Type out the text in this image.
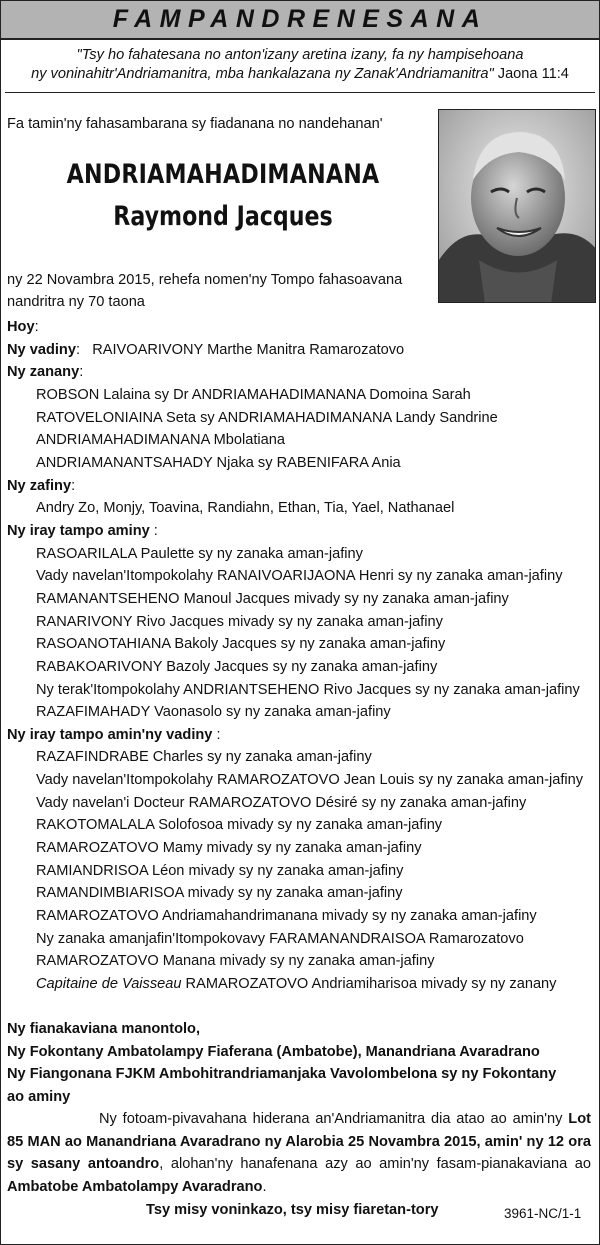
FAMPANDRENESANA
"Tsy ho fahatesana no anton'izany aretina izany, fa ny hampisehoana
ny voninahitr'Andriamanitra, mba hankalazana ny Zanak'Andriamanitra" Jaona 11:4
Fa tamin'ny fahasambarana sy fiadanana no nandehanan'
ANDRIAMAHADIMANANA
Raymond Jacques
ny 22 Novambra 2015, rehefa nomen'ny Tompo fahasoavana
nandritra ny 70 taona
Hoy:
Ny vadiny: RAIVOARIVONY Marthe Manitra Ramarozatovo
Ny zanany:
ROBSON Lalaina sy Dr ANDRIAMAHADIMANANA Domoina Sarah
RATOVELONIAINA Seta sy ANDRIAMAHADIMANANA Landy Sandrine
ANDRIAMAHADIMANANA Mbolatiana
ANDRIAMANANTSAHADY Njaka sy RABENIFARA Ania
Ny zafiny:
Andry Zo, Monjy, Toavina, Randiahn, Ethan, Tia, Yael, Nathanael
Ny iray tampo aminy :
RASOARILALA Paulette sy ny zanaka aman-jafiny
Vady navelan'Itompokolahy RANAIVOARIJAONA Henri sy ny zanaka aman-jafiny
RAMANANTSEHENO Manoul Jacques mivady sy ny zanaka aman-jafiny
RANARIVONY Rivo Jacques mivady sy ny zanaka aman-jafiny
RASOANOTAHIANA Bakoly Jacques sy ny zanaka aman-jafiny
RABAKOARIVONY Bazoly Jacques sy ny zanaka aman-jafiny
Ny terak'Itompokolahy ANDRIANTSEHENO Rivo Jacques sy ny zanaka aman-jafiny
RAZAFIMAHADY Vaonasolo sy ny zanaka aman-jafiny
Ny iray tampo amin'ny vadiny :
RAZAFINDRABE Charles sy ny zanaka aman-jafiny
Vady navelan'Itompokolahy RAMAROZATOVO Jean Louis sy ny zanaka aman-jafiny
Vady navelan'i Docteur RAMAROZATOVO Désiré sy ny zanaka aman-jafiny
RAKOTOMALALA Solofosoa mivady sy ny zanaka aman-jafiny
RAMAROZATOVO Mamy mivady sy ny zanaka aman-jafiny
RAMIANDRISOA Léon mivady sy ny zanaka aman-jafiny
RAMANDIMBIARISOA mivady sy ny zanaka aman-jafiny
RAMAROZATOVO Andriamahandrimanana mivady sy ny zanaka aman-jafiny
Ny zanaka amanjafin'Itompokovavy FARAMANANDRAISOA Ramarozatovo
RAMAROZATOVO Manana mivady sy ny zanaka aman-jafiny
Capitaine de Vaisseau RAMAROZATOVO Andriamiharisoa mivady sy ny zanany
Ny fianakaviana manontolo,
Ny Fokontany Ambatolampy Fiaferana (Ambatobe), Manandriana Avaradrano
Ny Fiangonana FJKM Ambohitrandriamanjaka Vavolombelona sy ny Fokontany
ao aminy
Ny fotoam-pivavahana hiderana an'Andriamanitra dia atao ao amin'ny Lot 85 MAN ao Manandriana Avaradrano ny Alarobia 25 Novambra 2015, amin' ny 12 ora sy sasany antoandro, alohan'ny hanafenana azy ao amin'ny fasam-pianakaviana ao Ambatobe Ambatolampy Avaradrano.
Tsy misy voninkazo, tsy misy fiaretan-tory	3961-NC/1-1
